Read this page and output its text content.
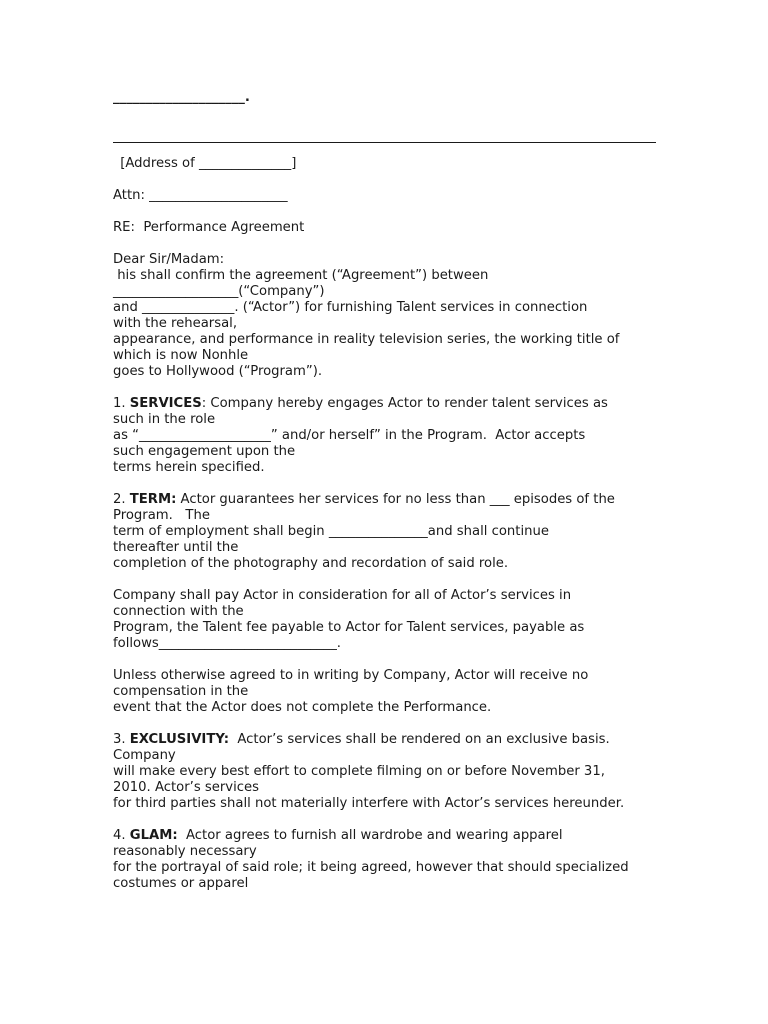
____________________.
[Address of ______________]
Attn: _____________________
RE:  Performance Agreement
Dear Sir/Madam:
his shall confirm the agreement (“Agreement”) between
___________________(“Company”)
and ______________. (“Actor”) for furnishing Talent services in connection
with the rehearsal,
appearance, and performance in reality television series, the working title of
which is now Nonhle
goes to Hollywood (“Program”).
1. SERVICES: Company hereby engages Actor to render talent services as
such in the role
as “____________________” and/or herself” in the Program.  Actor accepts
such engagement upon the
terms herein specified.
2. TERM: Actor guarantees her services for no less than ___ episodes of the
Program.   The
term of employment shall begin _______________and shall continue
thereafter until the
completion of the photography and recordation of said role.
Company shall pay Actor in consideration for all of Actor’s services in
connection with the
Program, the Talent fee payable to Actor for Talent services, payable as
follows___________________________.
Unless otherwise agreed to in writing by Company, Actor will receive no
compensation in the
event that the Actor does not complete the Performance.
3. EXCLUSIVITY:  Actor’s services shall be rendered on an exclusive basis.
Company
will make every best effort to complete filming on or before November 31,
2010. Actor’s services
for third parties shall not materially interfere with Actor’s services hereunder.
4. GLAM:  Actor agrees to furnish all wardrobe and wearing apparel
reasonably necessary
for the portrayal of said role; it being agreed, however that should specialized
costumes or apparel
